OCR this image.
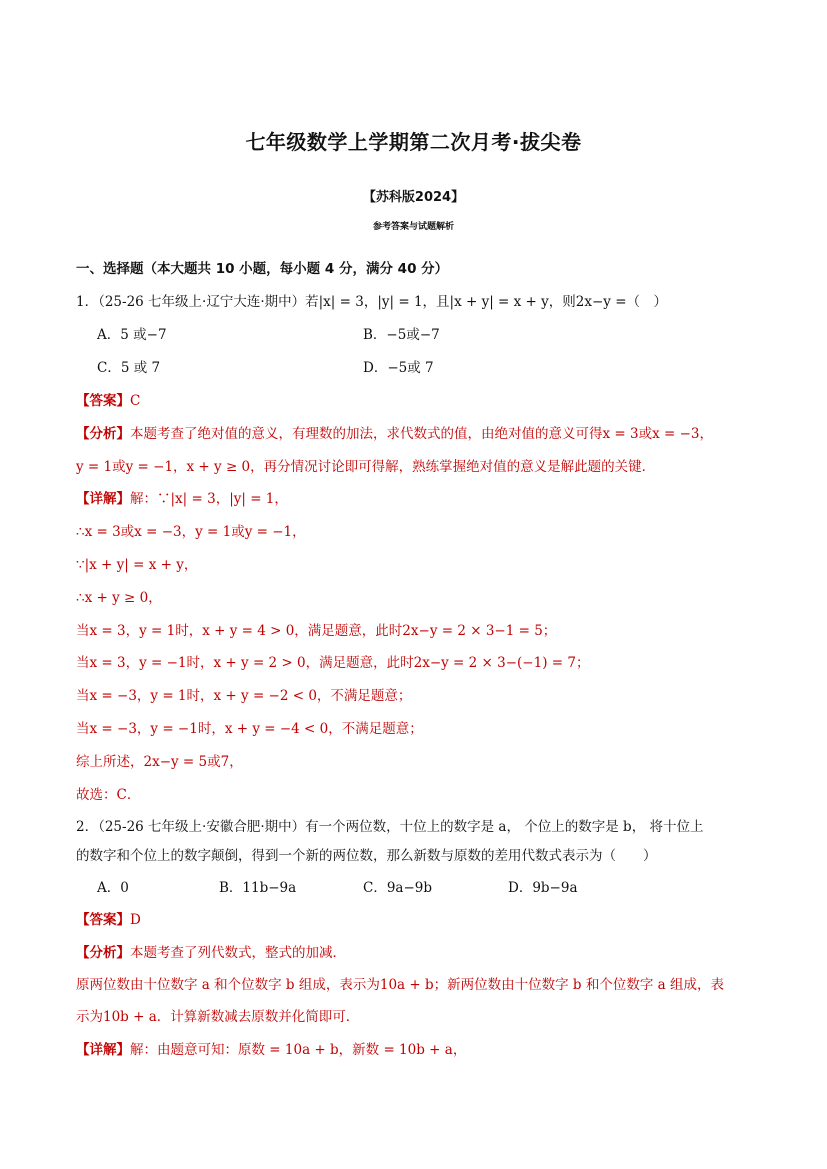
七年级数学上学期第二次月考·拔尖卷
【苏科版2024】
参考答案与试题解析
一、选择题（本大题共 10 小题，每小题 4 分，满分 40 分）
1．（25-26 七年级上·辽宁大连·期中）若|x| = 3，|y| = 1，且|x + y| = x + y，则2x−y =（　）
A．5 或−7	B．−5或−7
C．5 或 7	D．−5或 7
【答案】C
【分析】本题考查了绝对值的意义，有理数的加法，求代数式的值，由绝对值的意义可得x = 3或x = −3，
y = 1或y = −1，x + y ≥ 0，再分情况讨论即可得解，熟练掌握绝对值的意义是解此题的关键．
【详解】解：∵|x| = 3，|y| = 1，
∴x = 3或x = −3，y = 1或y = −1，
∵|x + y| = x + y，
∴x + y ≥ 0，
当x = 3，y = 1时，x + y = 4 > 0，满足题意，此时2x−y = 2 × 3−1 = 5；
当x = 3，y = −1时，x + y = 2 > 0，满足题意，此时2x−y = 2 × 3−(−1) = 7；
当x = −3，y = 1时，x + y = −2 < 0，不满足题意；
当x = −3，y = −1时，x + y = −4 < 0，不满足题意；
综上所述，2x−y = 5或7，
故选：C．
2．（25-26 七年级上·安徽合肥·期中）有一个两位数，十位上的数字是 a， 个位上的数字是 b， 将十位上
的数字和个位上的数字颠倒，得到一个新的两位数，那么新数与原数的差用代数式表示为（　　）
A．0	B．11b−9a	C．9a−9b	D．9b−9a
【答案】D
【分析】本题考查了列代数式，整式的加减．
原两位数由十位数字 a 和个位数字 b 组成，表示为10a + b；新两位数由十位数字 b 和个位数字 a 组成，表
示为10b + a．计算新数减去原数并化简即可．
【详解】解：由题意可知：原数 = 10a + b，新数 = 10b + a，
